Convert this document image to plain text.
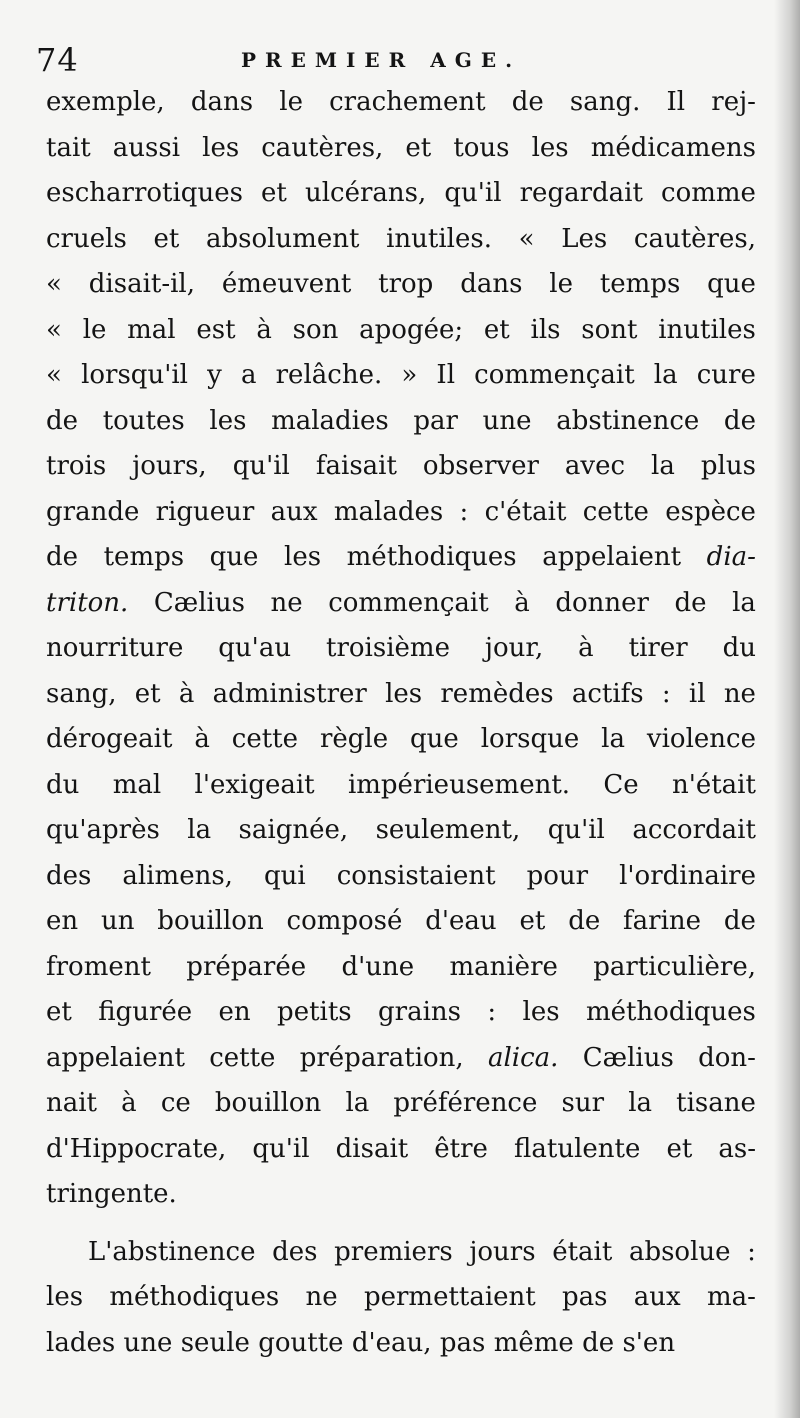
74	PREMIER AGE.
exemple, dans le crachement de sang. Il rej-
tait aussi les cautères, et tous les médicamens
escharrotiques et ulcérans, qu'il regardait comme
cruels et absolument inutiles. « Les cautères,
« disait-il, émeuvent trop dans le temps que
« le mal est à son apogée; et ils sont inutiles
« lorsqu'il y a relâche. » Il commençait la cure
de toutes les maladies par une abstinence de
trois jours, qu'il faisait observer avec la plus
grande rigueur aux malades : c'était cette espèce
de temps que les méthodiques appelaient dia-
triton. Cælius ne commençait à donner de la
nourriture qu'au troisième jour, à tirer du
sang, et à administrer les remèdes actifs : il ne
dérogeait à cette règle que lorsque la violence
du mal l'exigeait impérieusement. Ce n'était
qu'après la saignée, seulement, qu'il accordait
des alimens, qui consistaient pour l'ordinaire
en un bouillon composé d'eau et de farine de
froment préparée d'une manière particulière,
et figurée en petits grains : les méthodiques
appelaient cette préparation, alica. Cælius don-
nait à ce bouillon la préférence sur la tisane
d'Hippocrate, qu'il disait être flatulente et as-
tringente.
L'abstinence des premiers jours était absolue :
les méthodiques ne permettaient pas aux ma-
lades une seule goutte d'eau, pas même de s'en
